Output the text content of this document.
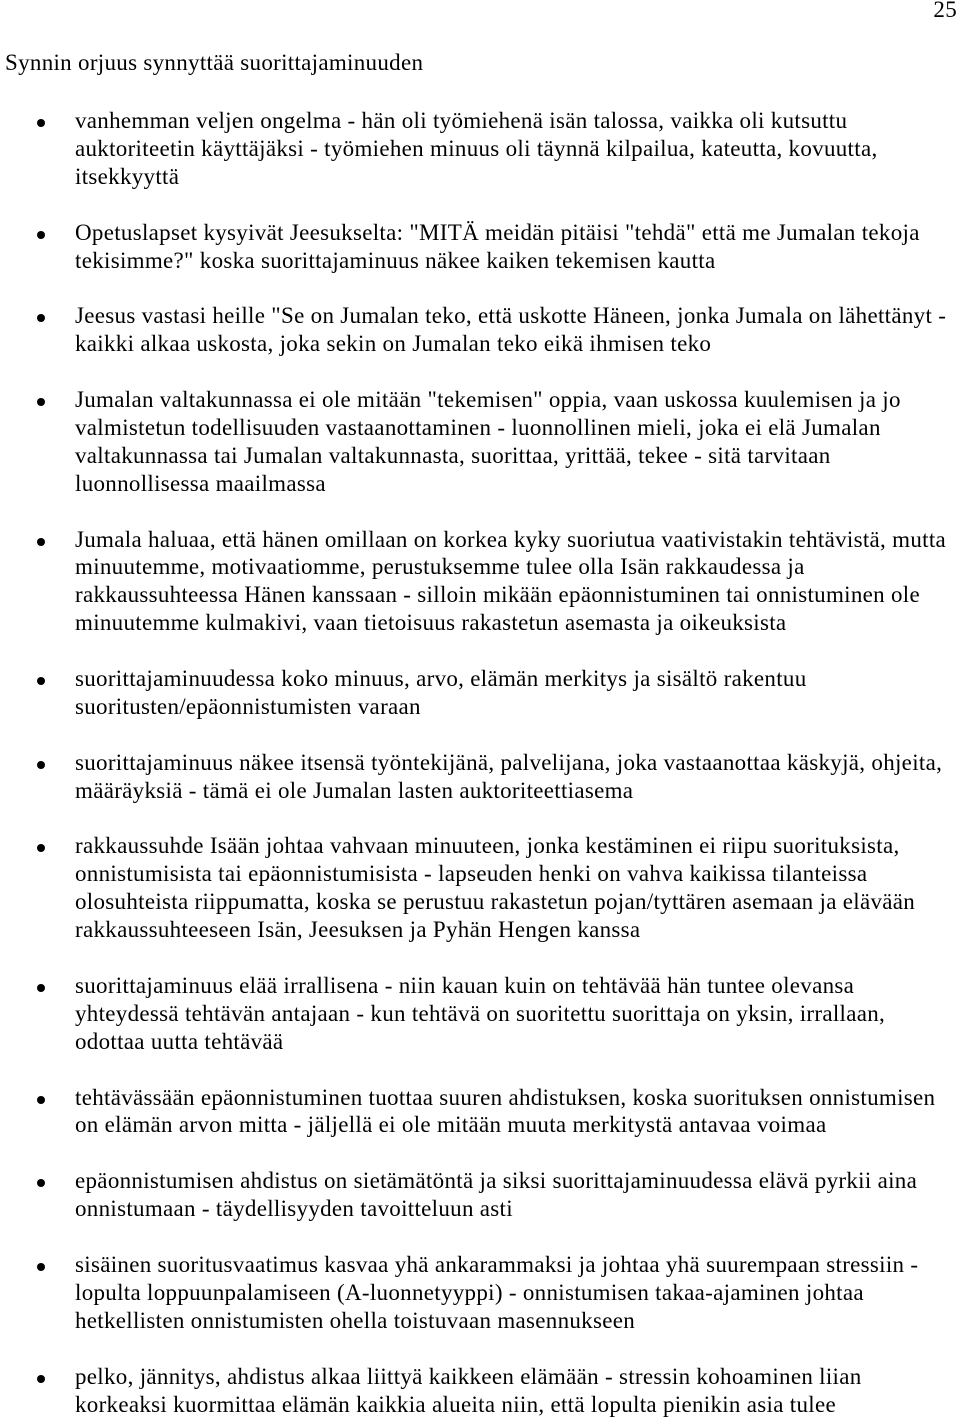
25
Synnin orjuus synnyttää suorittajaminuuden
vanhemman veljen ongelma - hän oli työmiehenä isän talossa, vaikka oli kutsuttu
auktoriteetin käyttäjäksi - työmiehen minuus oli täynnä kilpailua, kateutta, kovuutta,
itsekkyyttä
Opetuslapset kysyivät Jeesukselta: "MITÄ meidän pitäisi "tehdä" että me Jumalan tekoja
tekisimme?" koska suorittajaminuus näkee kaiken tekemisen kautta
Jeesus vastasi heille "Se on Jumalan teko, että uskotte Häneen, jonka Jumala on lähettänyt -
kaikki alkaa uskosta, joka sekin on Jumalan teko eikä ihmisen teko
Jumalan valtakunnassa ei ole mitään "tekemisen" oppia, vaan uskossa kuulemisen ja jo
valmistetun todellisuuden vastaanottaminen - luonnollinen mieli, joka ei elä Jumalan
valtakunnassa tai Jumalan valtakunnasta, suorittaa, yrittää, tekee - sitä tarvitaan
luonnollisessa maailmassa
Jumala haluaa, että hänen omillaan on korkea kyky suoriutua vaativistakin tehtävistä, mutta
minuutemme, motivaatiomme, perustuksemme tulee olla Isän rakkaudessa ja
rakkaussuhteessa Hänen kanssaan - silloin mikään epäonnistuminen tai onnistuminen ole
minuutemme kulmakivi, vaan tietoisuus rakastetun asemasta ja oikeuksista
suorittajaminuudessa koko minuus, arvo, elämän merkitys ja sisältö rakentuu
suoritusten/epäonnistumisten varaan
suorittajaminuus näkee itsensä työntekijänä, palvelijana, joka vastaanottaa käskyjä, ohjeita,
määräyksiä - tämä ei ole Jumalan lasten auktoriteettiasema
rakkaussuhde Isään johtaa vahvaan minuuteen, jonka kestäminen ei riipu suorituksista,
onnistumisista tai epäonnistumisista - lapseuden henki on vahva kaikissa tilanteissa
olosuhteista riippumatta, koska se perustuu rakastetun pojan/tyttären asemaan ja elävään
rakkaussuhteeseen Isän, Jeesuksen ja Pyhän Hengen kanssa
suorittajaminuus elää irrallisena - niin kauan kuin on tehtävää hän tuntee olevansa
yhteydessä tehtävän antajaan - kun tehtävä on suoritettu suorittaja on yksin, irrallaan,
odottaa uutta tehtävää
tehtävässään epäonnistuminen tuottaa suuren ahdistuksen, koska suorituksen onnistumisen
on elämän arvon mitta - jäljellä ei ole mitään muuta merkitystä antavaa voimaa
epäonnistumisen ahdistus on sietämätöntä ja siksi suorittajaminuudessa elävä pyrkii aina
onnistumaan - täydellisyyden tavoitteluun asti
sisäinen suoritusvaatimus kasvaa yhä ankarammaksi ja johtaa yhä suurempaan stressiin -
lopulta loppuunpalamiseen (A-luonnetyyppi) - onnistumisen takaa-ajaminen johtaa
hetkellisten onnistumisten ohella toistuvaan masennukseen
pelko, jännitys, ahdistus alkaa liittyä kaikkeen elämään - stressin kohoaminen liian
korkeaksi kuormittaa elämän kaikkia alueita niin, että lopulta pienikin asia tulee
